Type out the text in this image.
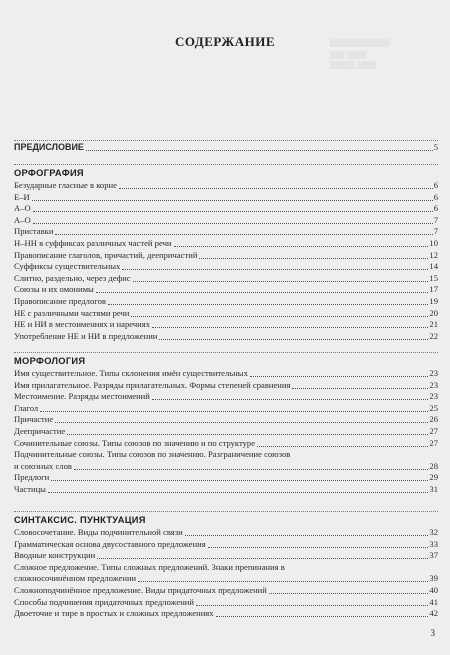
▒▒▒▒▒▒▒▒▒▒▒▒
▒▒▒ ▒▒▒▒
▒▒▒▒▒ ▒▒▒▒
СОДЕРЖАНИЕ
ПРЕДИСЛОВИЕ	5
ОРФОГРАФИЯ
Безударные гласные в корне	6
Е–И	6
А–О	6
А–О	7
Приставки	7
Н–НН в суффиксах различных частей речи	10
Правописание глаголов, причастий, деепричастий	12
Суффиксы существительных	14
Слитно, раздельно, через дефис	15
Союзы и их омонимы	17
Правописание предлогов	19
НЕ с различными частями речи	20
НЕ и НИ в местоимениях и наречиях	21
Употребление НЕ и НИ в предложении	22
МОРФОЛОГИЯ
Имя существительное. Типы склонения имён существительных	23
Имя прилагательное. Разряды прилагательных. Формы степеней сравнения	23
Местоимение. Разряды местоимений	23
Глагол	25
Причастие	26
Деепричастие	27
Сочинительные союзы. Типы союзов по значению и по структуре	27
Подчинительные союзы. Типы союзов по значению. Разграничение союзов
и союзных слов	28
Предлоги	29
Частицы	31
СИНТАКСИС. ПУНКТУАЦИЯ
Словосочетание. Виды подчинительной связи	32
Грамматическая основа двусоставного предложения	33
Вводные конструкции	37
Сложное предложение. Типы сложных предложений. Знаки препинания в
сложносочинённом предложении	39
Сложноподчинённое предложение. Виды придаточных предложений	40
Способы подчинения придаточных предложений	41
Двоеточие и тире в простых и сложных предложениях	42
3
